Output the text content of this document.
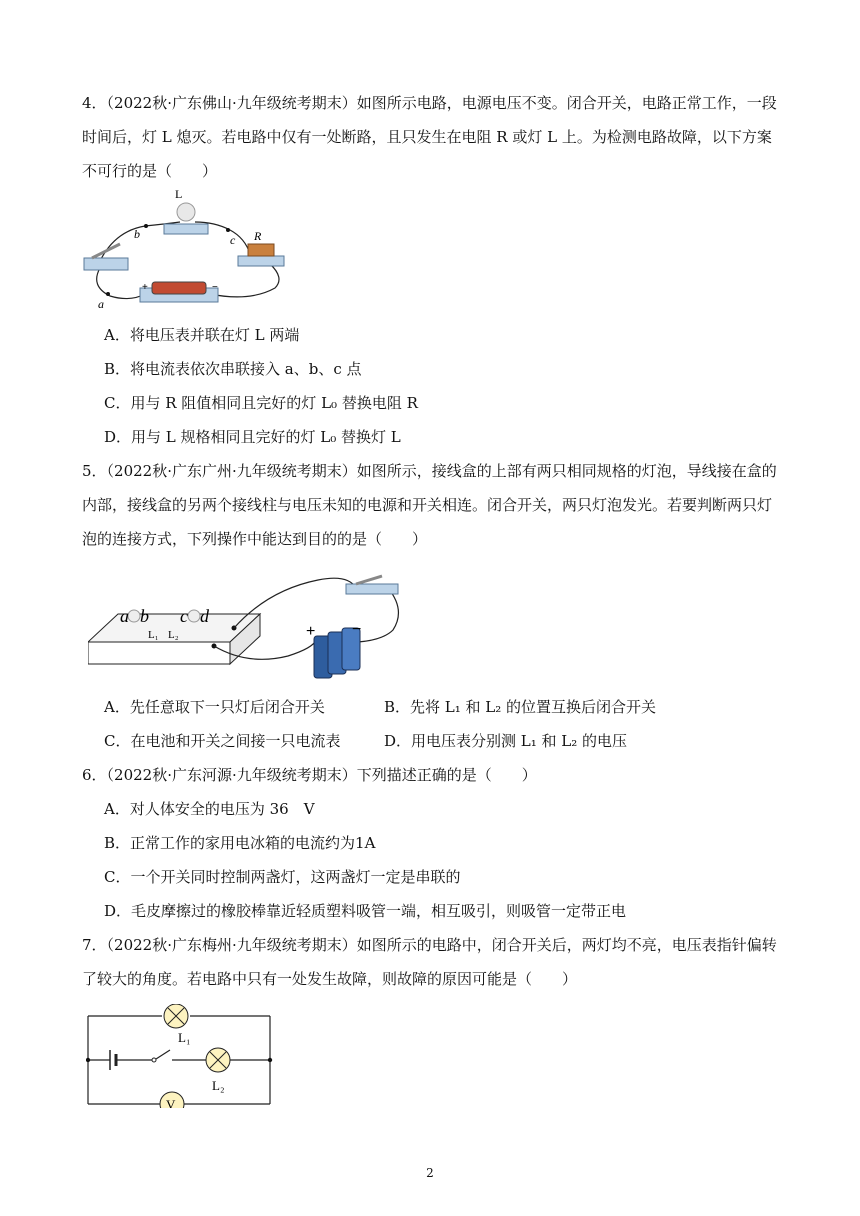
4．（2022秋·广东佛山·九年级统考期末）如图所示电路，电源电压不变。闭合开关，电路正常工作，一段时间后，灯 L 熄灭。若电路中仅有一处断路，且只发生在电阻 R 或灯 L 上。为检测电路故障，以下方案不可行的是（　　）
L
R
+	−
a
b	c
A．将电压表并联在灯 L 两端
B．将电流表依次串联接入 a、b、c 点
C．用与 R 阻值相同且完好的灯 L₀ 替换电阻 R
D．用与 L 规格相同且完好的灯 L₀ 替换灯 L
5．（2022秋·广东广州·九年级统考期末）如图所示，接线盒的上部有两只相同规格的灯泡，导线接在盒的内部，接线盒的另两个接线柱与电压未知的电源和开关相连。闭合开关，两只灯泡发光。若要判断两只灯泡的连接方式，下列操作中能达到目的的是（　　）
a b c d
L₁ L₂	+ −
A．先任意取下一只灯后闭合开关	B．先将 L₁ 和 L₂ 的位置互换后闭合开关
C．在电池和开关之间接一只电流表	D．用电压表分别测 L₁ 和 L₂ 的电压
6．（2022秋·广东河源·九年级统考期末）下列描述正确的是（　　）
A．对人体安全的电压为 36　V
B．正常工作的家用电冰箱的电流约为1A
C．一个开关同时控制两盏灯，这两盏灯一定是串联的
D．毛皮摩擦过的橡胶棒靠近轻质塑料吸管一端，相互吸引，则吸管一定带正电
7．（2022秋·广东梅州·九年级统考期末）如图所示的电路中，闭合开关后，两灯均不亮，电压表指针偏转了较大的角度。若电路中只有一处发生故障，则故障的原因可能是（　　）
L₁
L₂
V
2
